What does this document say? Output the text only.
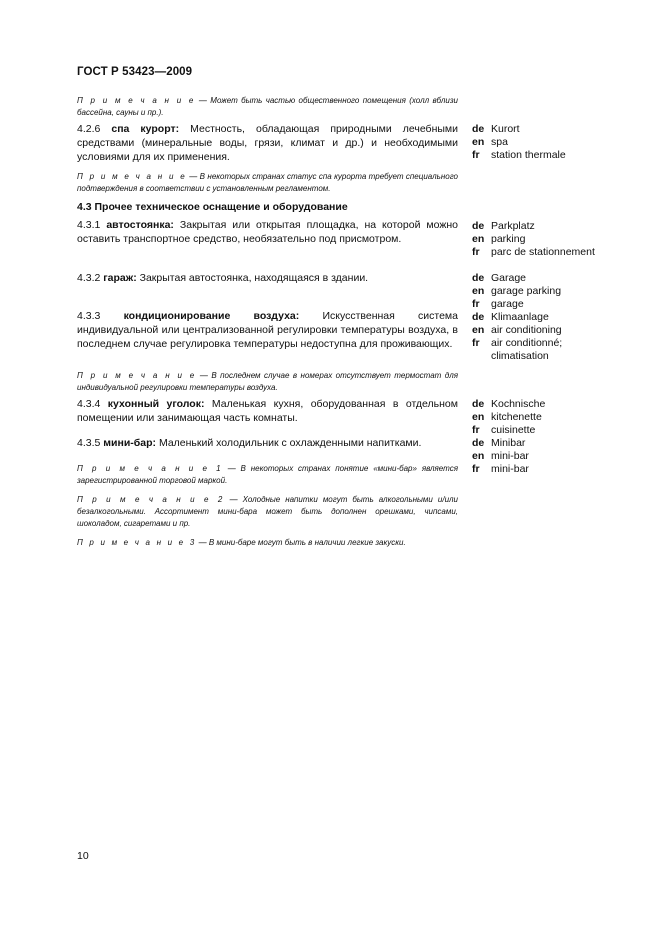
ГОСТ Р 53423—2009
П р и м е ч а н и е — Может быть частью общественного помещения (холл вблизи бассейна, сауны и пр.).
4.2.6 спа курорт: Местность, обладающая природными лечебными средствами (минеральные воды, грязи, климат и др.) и необходимыми условиями для их применения.
de Kurort
en spa
fr	station thermale
П р и м е ч а н и е — В некоторых странах статус спа курорта требует специального подтверждения в соответствии с установленным регламентом.
4.3 Прочее техническое оснащение и оборудование
4.3.1 автостоянка: Закрытая или открытая площадка, на которой можно оставить транспортное средство, необязательно под присмотром.
de Parkplatz
en parking
fr	parc de stationnement
4.3.2 гараж: Закрытая автостоянка, находящаяся в здании.	de Garage
en garage parking
fr	garage
4.3.3 кондиционирование воздуха: Искусственная система индивидуальной или централизованной регулировки температуры воздуха, в последнем случае регулировка температуры недоступна для проживающих.
de Klimaanlage
en air conditioning
fr	air conditionné; climatisation
П р и м е ч а н и е — В последнем случае в номерах отсутствует термостат для индивидуальной регулировки температуры воздуха.
4.3.4 кухонный уголок: Маленькая кухня, оборудованная в отдельном помещении или занимающая часть комнаты.
de Kochnische
en kitchenette
fr	cuisinette
4.3.5 мини-бар: Маленький холодильник с охлажденными напитками.	de Minibar
en mini-bar
fr	mini-bar
П р и м е ч а н и е 1 — В некоторых странах понятие «мини-бар» является зарегистрированной торговой маркой.
П р и м е ч а н и е 2 — Холодные напитки могут быть алкогольными и/или безалкогольными. Ассортимент мини-бара может быть дополнен орешками, чипсами, шоколадом, сигаретами и пр.
П р и м е ч а н и е 3 — В мини-баре могут быть в наличии легкие закуски.
10
